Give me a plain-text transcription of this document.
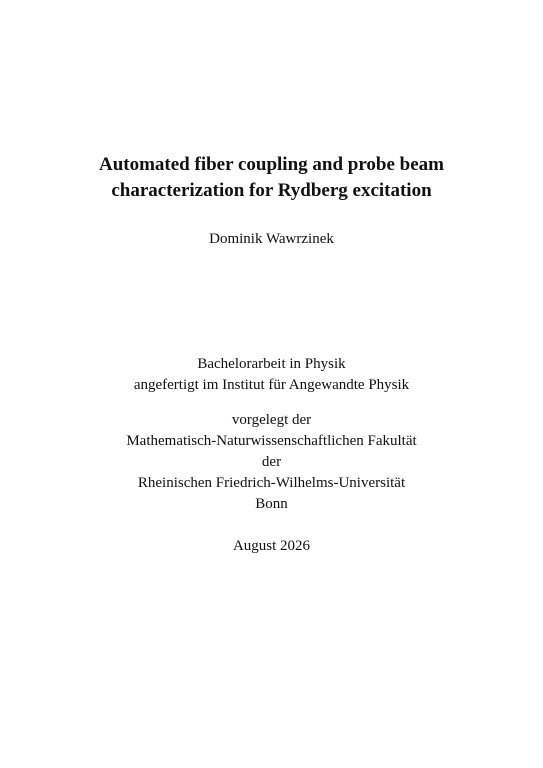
Automated fiber coupling and probe beam
characterization for Rydberg excitation
Dominik Wawrzinek
Bachelorarbeit in Physik
angefertigt im Institut für Angewandte Physik
vorgelegt der
Mathematisch-Naturwissenschaftlichen Fakultät
der
Rheinischen Friedrich-Wilhelms-Universität
Bonn
August 2026
